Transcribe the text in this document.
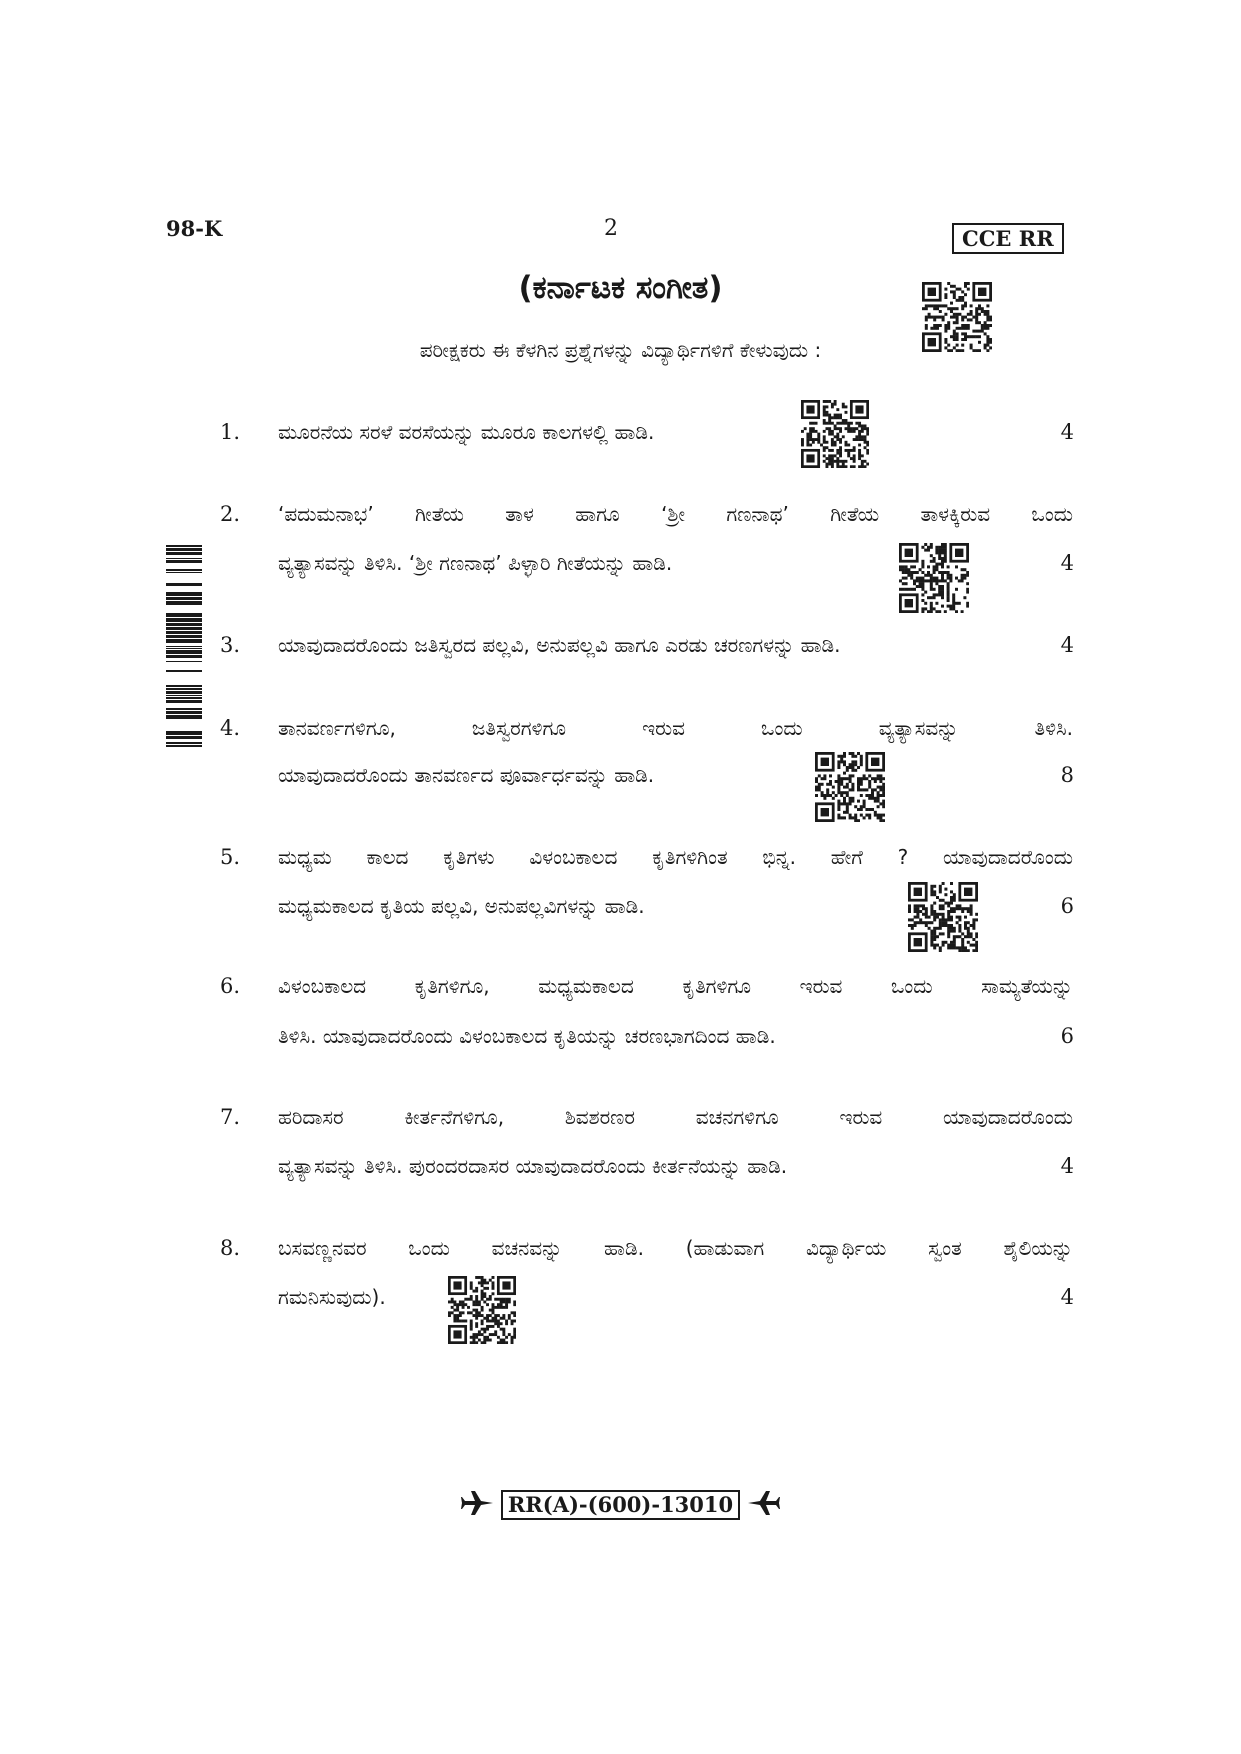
98-K	2	CCE RR
(ಕರ್ನಾಟಕ ಸಂಗೀತ)
ಪರೀಕ್ಷಕರು ಈ ಕೆಳಗಿನ ಪ್ರಶ್ನೆಗಳನ್ನು ವಿದ್ಯಾರ್ಥಿಗಳಿಗೆ ಕೇಳುವುದು :
1. ಮೂರನೆಯ ಸರಳೆ ವರಸೆಯನ್ನು ಮೂರೂ ಕಾಲಗಳಲ್ಲಿ ಹಾಡಿ.	4
2. ‘ಪದುಮನಾಭ’ ಗೀತೆಯ ತಾಳ ಹಾಗೂ ‘ಶ್ರೀ ಗಣನಾಥ’ ಗೀತೆಯ ತಾಳಕ್ಕಿರುವ ಒಂದು
ವ್ಯತ್ಯಾಸವನ್ನು ತಿಳಿಸಿ. ‘ಶ್ರೀ ಗಣನಾಥ’ ಪಿಳ್ಳಾರಿ ಗೀತೆಯನ್ನು ಹಾಡಿ.	4
3. ಯಾವುದಾದರೊಂದು ಜತಿಸ್ವರದ ಪಲ್ಲವಿ, ಅನುಪಲ್ಲವಿ ಹಾಗೂ ಎರಡು ಚರಣಗಳನ್ನು ಹಾಡಿ.	4
4. ತಾನವರ್ಣಗಳಿಗೂ, ಜತಿಸ್ವರಗಳಿಗೂ ಇರುವ ಒಂದು ವ್ಯತ್ಯಾಸವನ್ನು ತಿಳಿಸಿ.
ಯಾವುದಾದರೊಂದು ತಾನವರ್ಣದ ಪೂರ್ವಾರ್ಧವನ್ನು ಹಾಡಿ.	8
5. ಮಧ್ಯಮ ಕಾಲದ ಕೃತಿಗಳು ವಿಳಂಬಕಾಲದ ಕೃತಿಗಳಿಗಿಂತ ಭಿನ್ನ. ಹೇಗೆ ? ಯಾವುದಾದರೊಂದು
ಮಧ್ಯಮಕಾಲದ ಕೃತಿಯ ಪಲ್ಲವಿ, ಅನುಪಲ್ಲವಿಗಳನ್ನು ಹಾಡಿ.	6
6. ವಿಳಂಬಕಾಲದ ಕೃತಿಗಳಿಗೂ, ಮಧ್ಯಮಕಾಲದ ಕೃತಿಗಳಿಗೂ ಇರುವ ಒಂದು ಸಾಮ್ಯತೆಯನ್ನು
ತಿಳಿಸಿ. ಯಾವುದಾದರೊಂದು ವಿಳಂಬಕಾಲದ ಕೃತಿಯನ್ನು ಚರಣಭಾಗದಿಂದ ಹಾಡಿ.	6
7. ಹರಿದಾಸರ ಕೀರ್ತನೆಗಳಿಗೂ, ಶಿವಶರಣರ ವಚನಗಳಿಗೂ ಇರುವ ಯಾವುದಾದರೊಂದು
ವ್ಯತ್ಯಾಸವನ್ನು ತಿಳಿಸಿ. ಪುರಂದರದಾಸರ ಯಾವುದಾದರೊಂದು ಕೀರ್ತನೆಯನ್ನು ಹಾಡಿ.	4
8. ಬಸವಣ್ಣನವರ ಒಂದು ವಚನವನ್ನು ಹಾಡಿ. (ಹಾಡುವಾಗ ವಿದ್ಯಾರ್ಥಿಯ ಸ್ವಂತ ಶೈಲಿಯನ್ನು
ಗಮನಿಸುವುದು).	4
RR(A)-(600)-13010
